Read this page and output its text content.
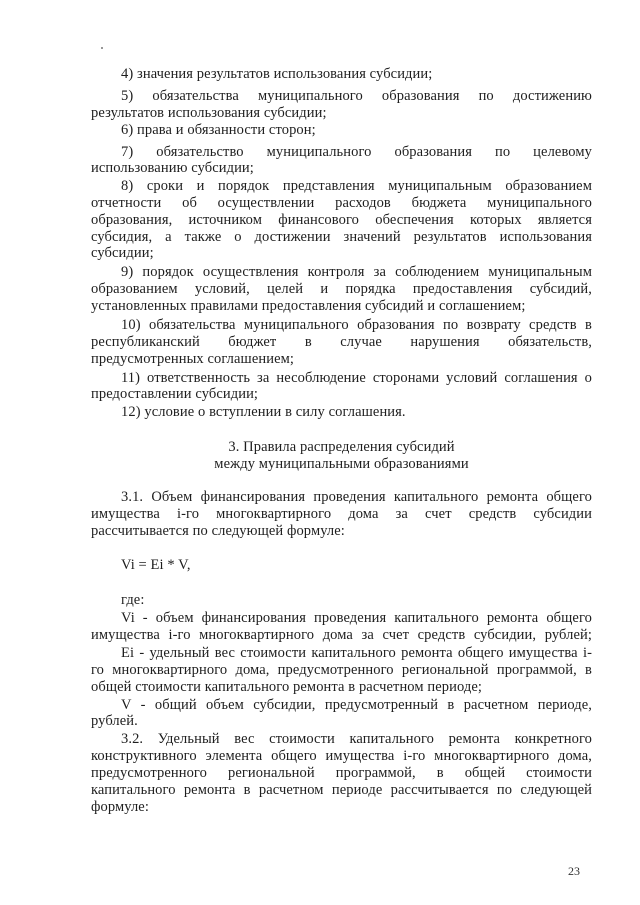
4) значения результатов использования субсидии;
5) обязательства муниципального образования по достижению
результатов использования субсидии;
6) права и обязанности сторон;
7) обязательство муниципального образования по целевому
использованию субсидии;
8) сроки и порядок представления муниципальным образованием
отчетности об осуществлении расходов бюджета муниципального
образования, источником финансового обеспечения которых является
субсидия, а также о достижении значений результатов использования
субсидии;
9) порядок осуществления контроля за соблюдением муниципальным
образованием условий, целей и порядка предоставления субсидий,
установленных правилами предоставления субсидий и соглашением;
10) обязательства муниципального образования по возврату средств в
республиканский бюджет в случае нарушения обязательств,
предусмотренных соглашением;
11) ответственность за несоблюдение сторонами условий соглашения о
предоставлении субсидии;
12) условие о вступлении в силу соглашения.
3. Правила распределения субсидий
между муниципальными образованиями
3.1. Объем финансирования проведения капитального ремонта общего
имущества i-го многоквартирного дома за счет средств субсидии
рассчитывается по следующей формуле:
Vi = Ei * V,
где:
Vi - объем финансирования проведения капитального ремонта общего
имущества i-го многоквартирного дома за счет средств субсидии, рублей;
Ei - удельный вес стоимости капитального ремонта общего имущества i-
го многоквартирного дома, предусмотренного региональной программой, в
общей стоимости капитального ремонта в расчетном периоде;
V - общий объем субсидии, предусмотренный в расчетном периоде,
рублей.
3.2. Удельный вес стоимости капитального ремонта конкретного
конструктивного элемента общего имущества i-го многоквартирного дома,
предусмотренного региональной программой, в общей стоимости
капитального ремонта в расчетном периоде рассчитывается по следующей
формуле:
23
